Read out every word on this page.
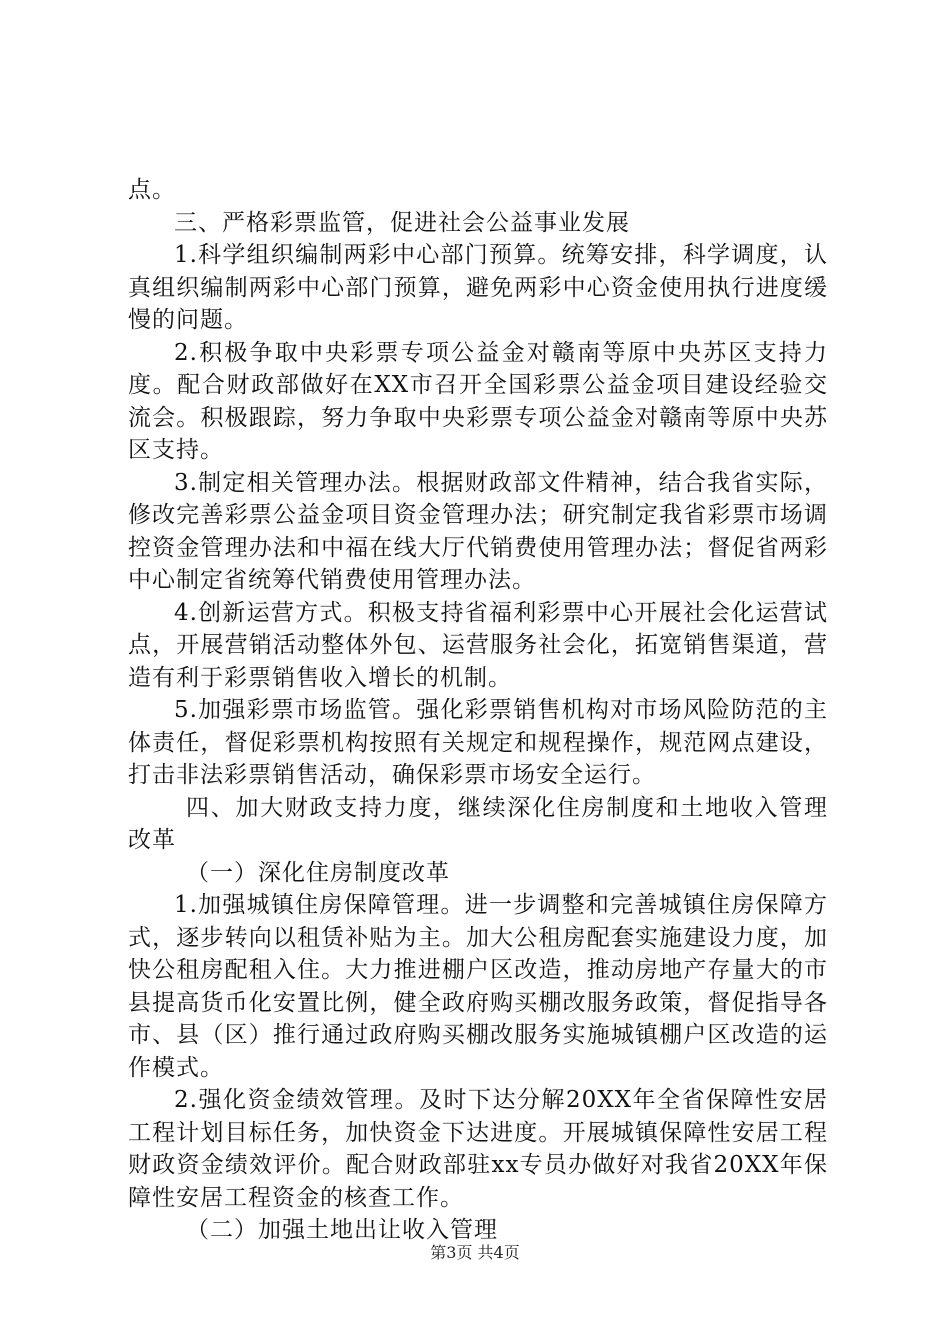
点。

三、严格彩票监管，促进社会公益事业发展

1.科学组织编制两彩中心部门预算。统筹安排，科学调度，认真组织编制两彩中心部门预算，避免两彩中心资金使用执行进度缓慢的问题。

2.积极争取中央彩票专项公益金对赣南等原中央苏区支持力度。配合财政部做好在XX市召开全国彩票公益金项目建设经验交流会。积极跟踪，努力争取中央彩票专项公益金对赣南等原中央苏区支持。

3.制定相关管理办法。根据财政部文件精神，结合我省实际，修改完善彩票公益金项目资金管理办法；研究制定我省彩票市场调控资金管理办法和中福在线大厅代销费使用管理办法；督促省两彩中心制定省统筹代销费使用管理办法。

4.创新运营方式。积极支持省福利彩票中心开展社会化运营试点，开展营销活动整体外包、运营服务社会化，拓宽销售渠道，营造有利于彩票销售收入增长的机制。

5.加强彩票市场监管。强化彩票销售机构对市场风险防范的主体责任，督促彩票机构按照有关规定和规程操作，规范网点建设，打击非法彩票销售活动，确保彩票市场安全运行。

四、加大财政支持力度，继续深化住房制度和土地收入管理改革

（一）深化住房制度改革

1.加强城镇住房保障管理。进一步调整和完善城镇住房保障方式，逐步转向以租赁补贴为主。加大公租房配套实施建设力度，加快公租房配租入住。大力推进棚户区改造，推动房地产存量大的市县提高货币化安置比例，健全政府购买棚改服务政策，督促指导各市、县（区）推行通过政府购买棚改服务实施城镇棚户区改造的运作模式。

2.强化资金绩效管理。及时下达分解20XX年全省保障性安居工程计划目标任务，加快资金下达进度。开展城镇保障性安居工程财政资金绩效评价。配合财政部驻xx专员办做好对我省20XX年保障性安居工程资金的核查工作。

（二）加强土地出让收入管理

第3页 共4页
